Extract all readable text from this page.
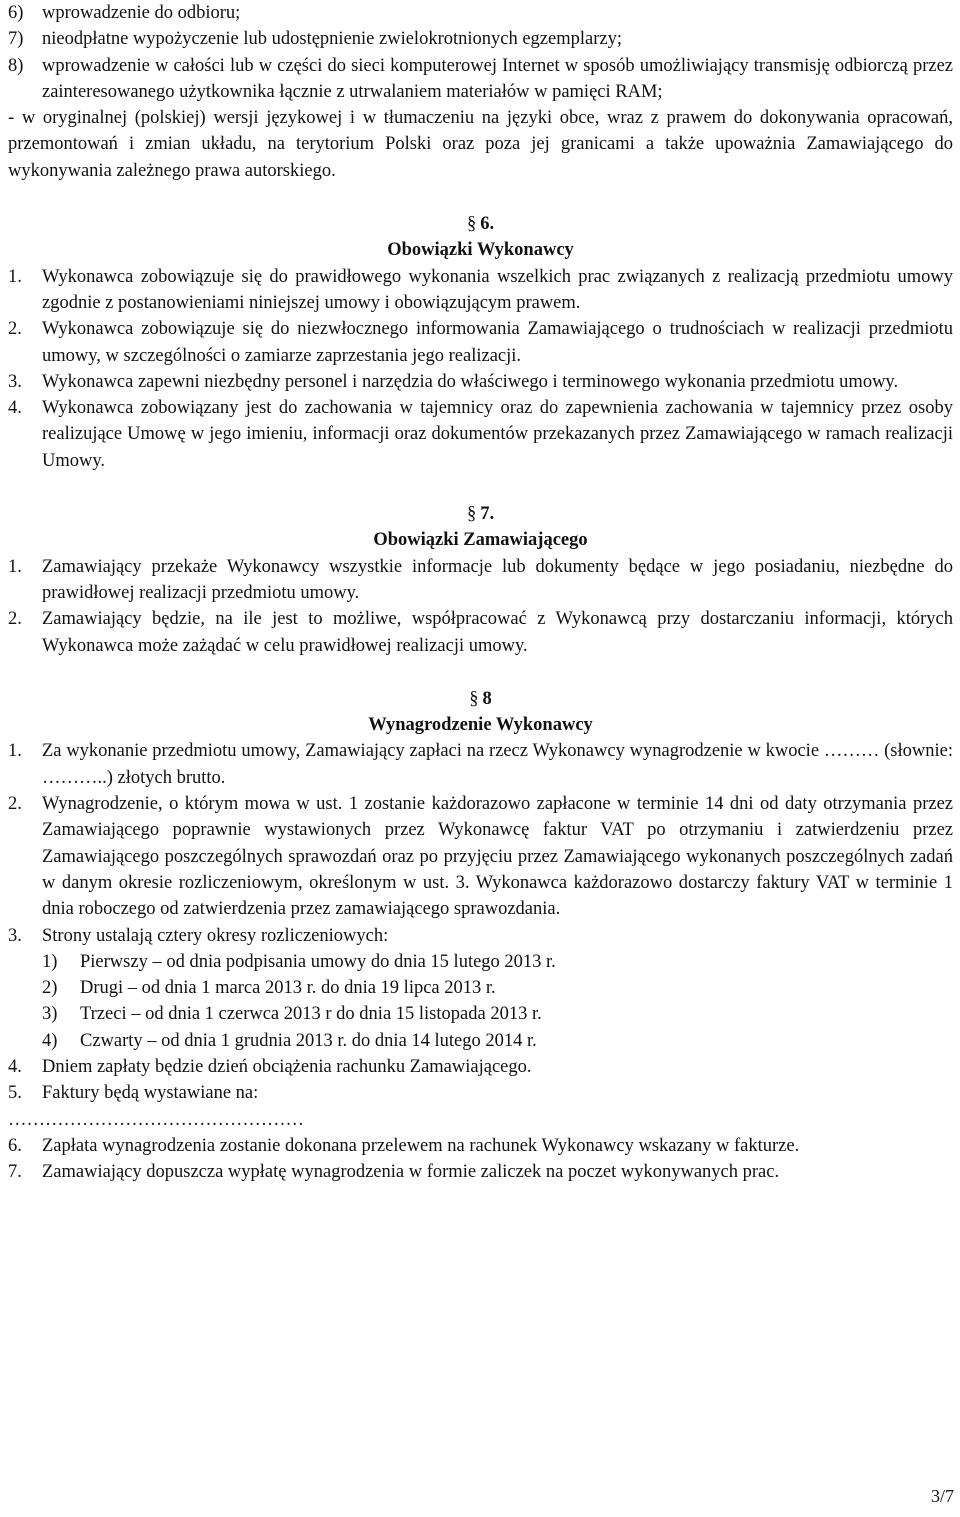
6) wprowadzenie do odbioru;
7) nieodpłatne wypożyczenie lub udostępnienie zwielokrotnionych egzemplarzy;
8) wprowadzenie w całości lub w części do sieci komputerowej Internet w sposób umożliwiający transmisję odbiorczą przez zainteresowanego użytkownika łącznie z utrwalaniem materiałów w pamięci RAM;
- w oryginalnej (polskiej) wersji językowej i w tłumaczeniu na języki obce, wraz z prawem do dokonywania opracowań, przemontowań i zmian układu, na terytorium Polski oraz poza jej granicami a także upoważnia Zamawiającego do wykonywania zależnego prawa autorskiego.
§ 6.
Obowiązki Wykonawcy
1. Wykonawca zobowiązuje się do prawidłowego wykonania wszelkich prac związanych z realizacją przedmiotu umowy zgodnie z postanowieniami niniejszej umowy i obowiązującym prawem.
2. Wykonawca zobowiązuje się do niezwłocznego informowania Zamawiającego o trudnościach w realizacji przedmiotu umowy, w szczególności o zamiarze zaprzestania jego realizacji.
3. Wykonawca zapewni niezbędny personel i narzędzia do właściwego i terminowego wykonania przedmiotu umowy.
4. Wykonawca zobowiązany jest do zachowania w tajemnicy oraz do zapewnienia zachowania w tajemnicy przez osoby realizujące Umowę w jego imieniu, informacji oraz dokumentów przekazanych przez Zamawiającego w ramach realizacji Umowy.
§ 7.
Obowiązki Zamawiającego
1. Zamawiający przekaże Wykonawcy wszystkie informacje lub dokumenty będące w jego posiadaniu, niezbędne do prawidłowej realizacji przedmiotu umowy.
2. Zamawiający będzie, na ile jest to możliwe, współpracować z Wykonawcą przy dostarczaniu informacji, których Wykonawca może zażądać w celu prawidłowej realizacji umowy.
§ 8
Wynagrodzenie Wykonawcy
1. Za wykonanie przedmiotu umowy, Zamawiający zapłaci na rzecz Wykonawcy wynagrodzenie w kwocie ……… (słownie: ………..) złotych brutto.
2. Wynagrodzenie, o którym mowa w ust. 1 zostanie każdorazowo zapłacone w terminie 14 dni od daty otrzymania przez Zamawiającego poprawnie wystawionych przez Wykonawcę faktur VAT po otrzymaniu i zatwierdzeniu przez Zamawiającego poszczególnych sprawozdań oraz po przyjęciu przez Zamawiającego wykonanych poszczególnych zadań w danym okresie rozliczeniowym, określonym w ust. 3. Wykonawca każdorazowo dostarczy faktury VAT w terminie 1 dnia roboczego od zatwierdzenia przez zamawiającego sprawozdania.
3. Strony ustalają cztery okresy rozliczeniowych:
1) Pierwszy – od dnia podpisania umowy do dnia 15 lutego 2013 r.
2) Drugi – od dnia 1 marca 2013 r. do dnia 19 lipca 2013 r.
3) Trzeci – od dnia 1 czerwca 2013 r do dnia 15 listopada 2013 r.
4) Czwarty – od dnia 1 grudnia 2013 r. do dnia 14 lutego 2014 r.
4. Dniem zapłaty będzie dzień obciążenia rachunku Zamawiającego.
5. Faktury będą wystawiane na:
…………………………………………
6. Zapłata wynagrodzenia zostanie dokonana przelewem na rachunek Wykonawcy wskazany w fakturze.
7. Zamawiający dopuszcza wypłatę wynagrodzenia w formie zaliczek na poczet wykonywanych prac.
3/7
